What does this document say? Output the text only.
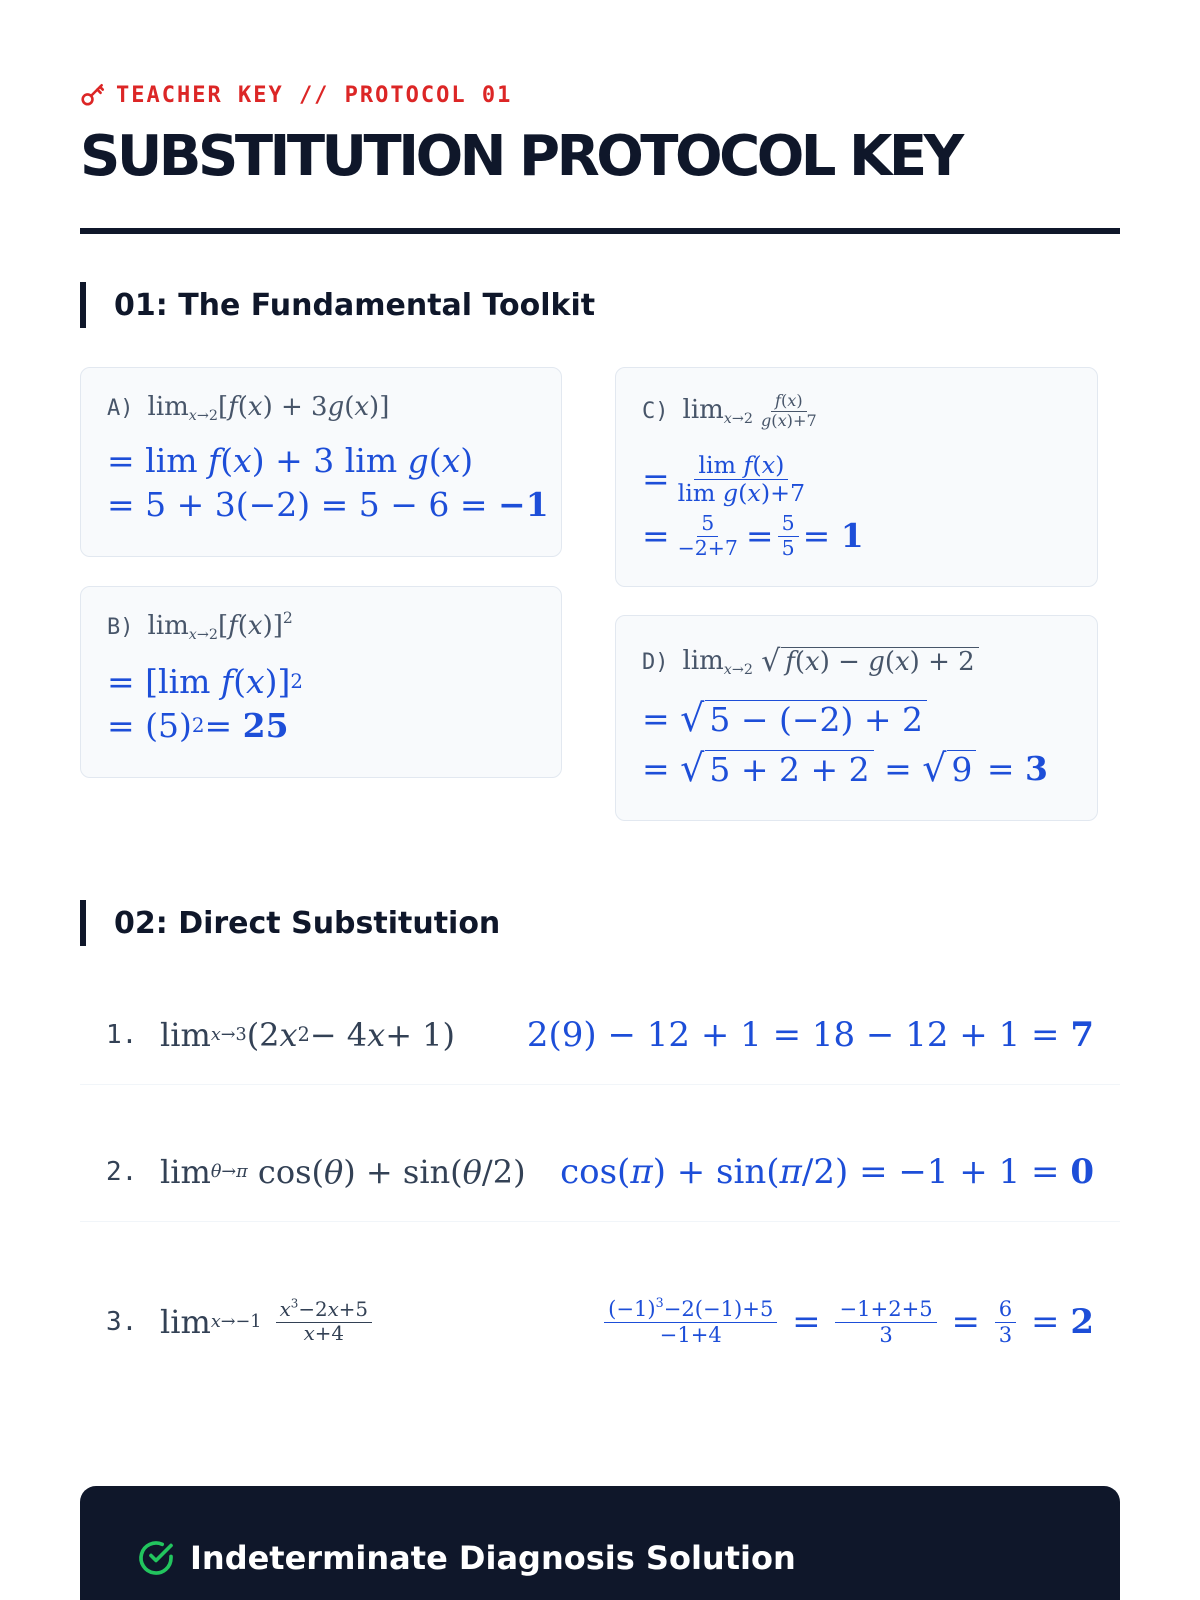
TEACHER KEY // PROTOCOL 01
SUBSTITUTION PROTOCOL KEY
01: The Fundamental Toolkit
A) $\lim_{x\to 2}[f(x) + 3g(x)]$
= lim f ( x ) + 3 lim g ( x )
= 5 + 3(−2) = 5 − 6 = −1
B) $\lim_{x\to 2}[f(x)]^2$
= [lim f ( x )] 2
= (5) 2 = 25
C) $\lim_{x\to 2} \frac{f(x)}{g(x)+7}$
= $\frac{\text{lim f(x)}}{\text{lim g(x)+7}}$
= $\frac{5}{-2+7} = \frac{5}{5} = 1$
D) $\lim_{x\to 2}$ √ f(x) − g(x) + 2
= √ 5 − (−2) + 2
= √ 5 + 2 + 2 = √ 9 = 3
02: Direct Substitution
1. lim x→3 (2 x 2 − 4 x + 1) 2(9) − 12 + 1 = 18 − 12 + 1 = 7
2. lim θ→π cos( θ ) + sin( θ /2) cos( π ) + sin( π /2) = −1 + 1 = 0
3. lim x→−1
$\frac{x^3-2x+5}{x+4}$	$\frac{(-1)^3-2(-1)+5}{-1+4} = \frac{-1+2+5}{3} = \frac{6}{3} = 2$
Indeterminate Diagnosis Solution
